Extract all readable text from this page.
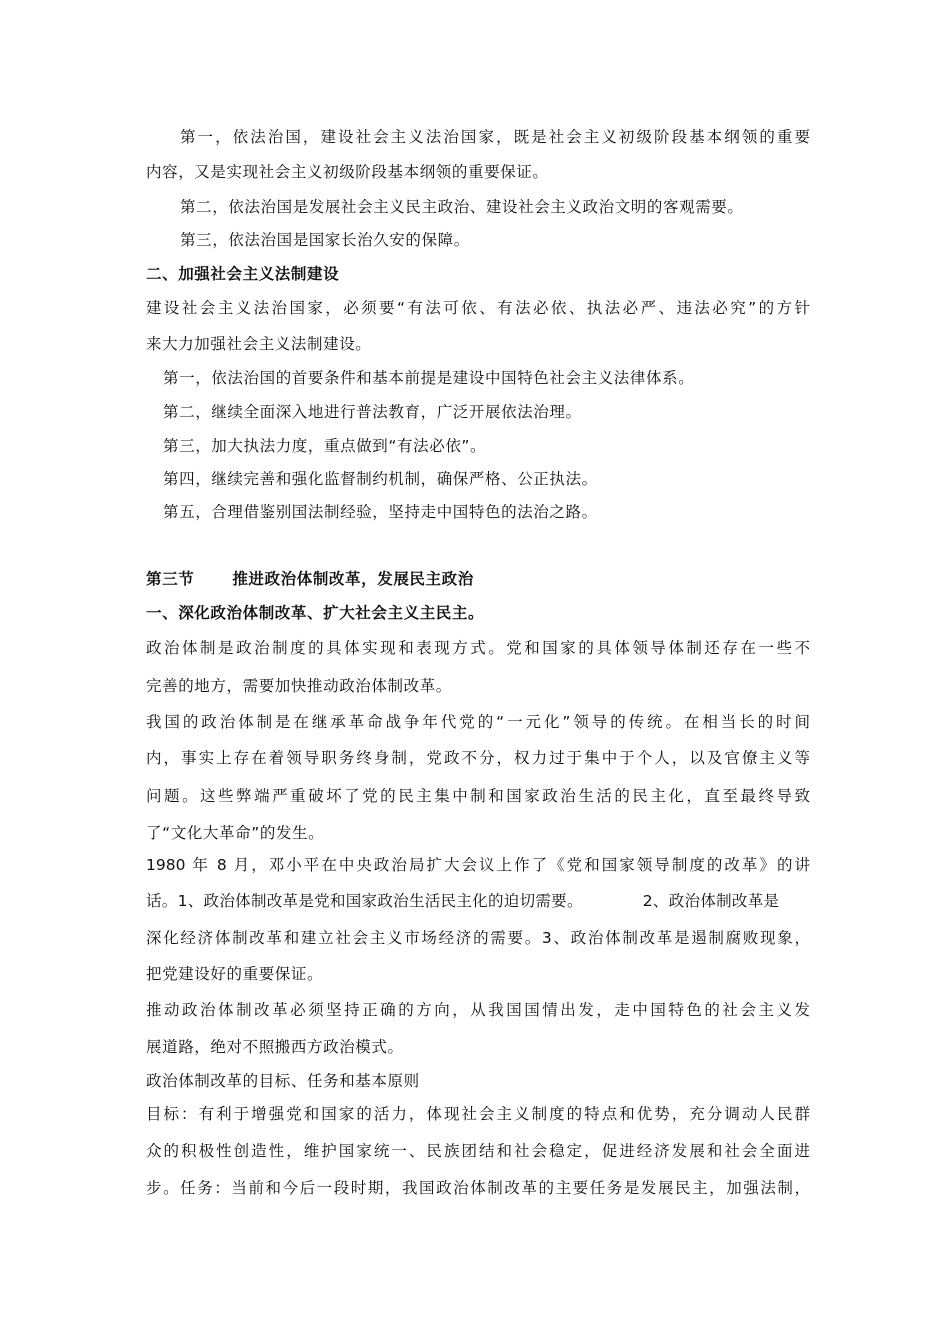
第一，依法治国，建设社会主义法治国家，既是社会主义初级阶段基本纲领的重要
内容，又是实现社会主义初级阶段基本纲领的重要保证。
第二，依法治国是发展社会主义民主政治、建设社会主义政治文明的客观需要。
第三，依法治国是国家长治久安的保障。
二、加强社会主义法制建设
建设社会主义法治国家，必须要“有法可依、有法必依、执法必严、违法必究”的方针
来大力加强社会主义法制建设。
第一，依法治国的首要条件和基本前提是建设中国特色社会主义法律体系。
第二，继续全面深入地进行普法教育，广泛开展依法治理。
第三，加大执法力度，重点做到“有法必依”。
第四，继续完善和强化监督制约机制，确保严格、公正执法。
第五，合理借鉴别国法制经验，坚持走中国特色的法治之路。
第三节 推进政治体制改革，发展民主政治
一、深化政治体制改革、扩大社会主义主民主。
政治体制是政治制度的具体实现和表现方式。党和国家的具体领导体制还存在一些不
完善的地方，需要加快推动政治体制改革。
我国的政治体制是在继承革命战争年代党的“一元化”领导的传统。在相当长的时间
内，事实上存在着领导职务终身制，党政不分，权力过于集中于个人，以及官僚主义等
问题。这些弊端严重破坏了党的民主集中制和国家政治生活的民主化，直至最终导致
了“文化大革命”的发生。
1980 年 8 月，邓小平在中央政治局扩大会议上作了《党和国家领导制度的改革》的讲
话。1、政治体制改革是党和国家政治生活民主化的迫切需要。	2、政治体制改革是
深化经济体制改革和建立社会主义市场经济的需要。3、政治体制改革是遏制腐败现象，
把党建设好的重要保证。
推动政治体制改革必须坚持正确的方向，从我国国情出发，走中国特色的社会主义发
展道路，绝对不照搬西方政治模式。
政治体制改革的目标、任务和基本原则
目标：有利于增强党和国家的活力，体现社会主义制度的特点和优势，充分调动人民群
众的积极性创造性，维护国家统一、民族团结和社会稳定，促进经济发展和社会全面进
步。任务：当前和今后一段时期，我国政治体制改革的主要任务是发展民主，加强法制，
